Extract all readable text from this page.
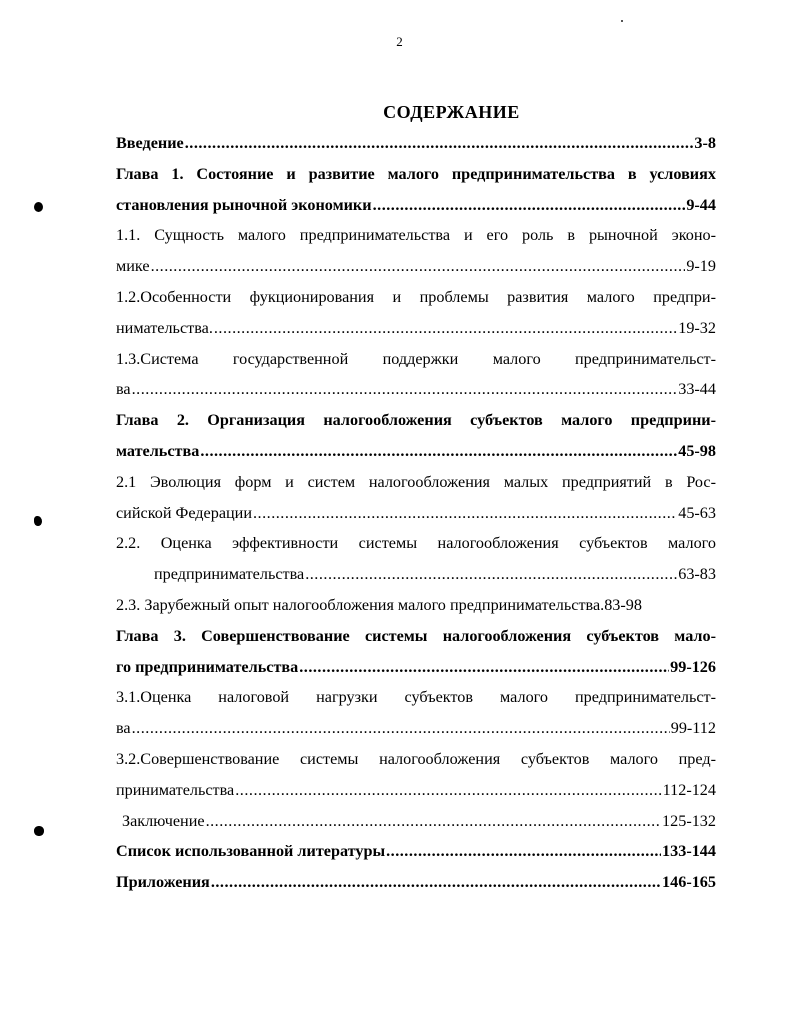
2
СОДЕРЖАНИЕ
Введение .....	3-8
Глава 1. Состояние и развитие малого предпринимательства в условиях
становления рыночной экономики .....	9-44
1.1. Сущность малого предпринимательства и его роль в рыночной эконо-
мике .....	9-19
1.2.Особенности фукционирования и проблемы развития малого предпри-
нимательства. .....	19-32
1.3.Система государственной поддержки малого предпринимательст-
ва .....	33-44
Глава 2. Организация налогообложения субъектов малого предприни-
мательства .....	45-98
2.1 Эволюция форм и систем налогообложения малых предприятий в Рос-
сийской Федерации .....	45-63
2.2. Оценка эффективности системы налогообложения субъектов малого
предпринимательства .....	63-83
2.3. Зарубежный опыт налогообложения малого предпринимательства. 83-98
Глава 3. Совершенствование системы налогообложения субъектов мало-
го предпринимательства .....	99-126
3.1.Оценка налоговой нагрузки субъектов малого предпринимательст-
ва .....	99-112
3.2.Совершенствование системы налогообложения субъектов малого пред-
принимательства .....	112-124
Заключение .....	125-132
Список использованной литературы .....	133-144
Приложения .....	146-165
